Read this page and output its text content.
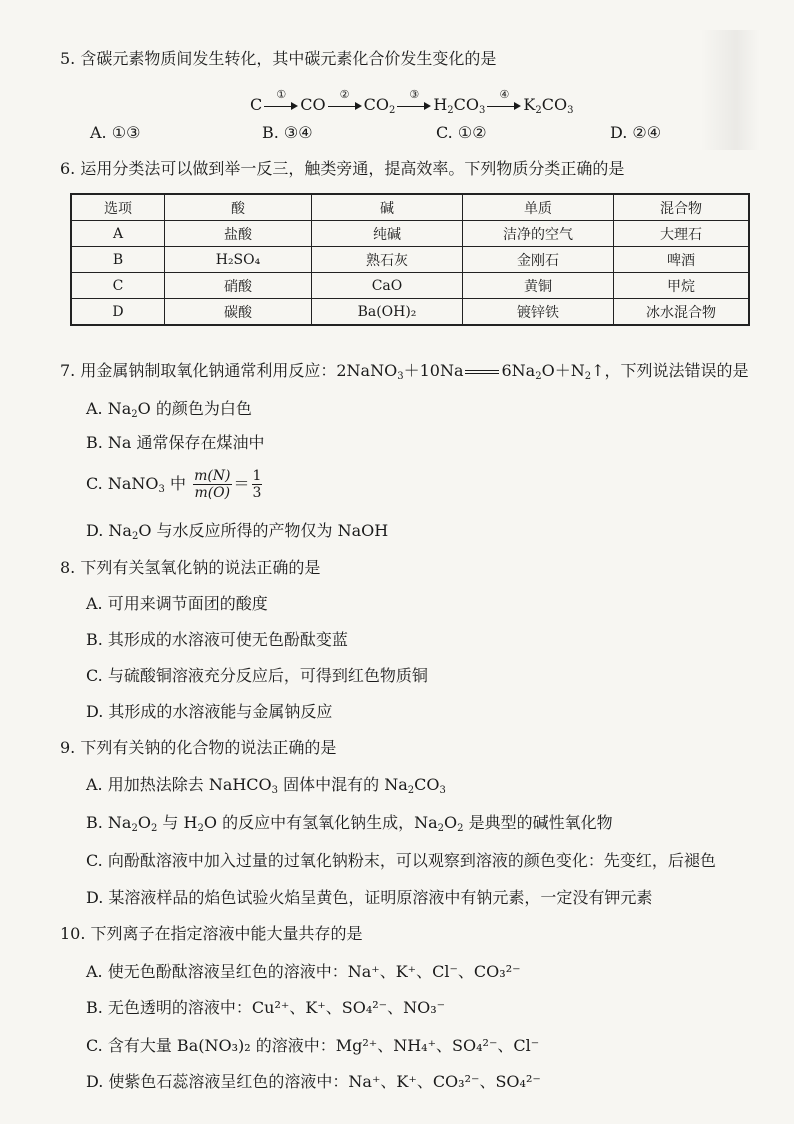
5. 含碳元素物质间发生转化，其中碳元素化合价发生变化的是
C
①
CO
②
$CO_2$
③
$H_2CO_3$
④
$K_2CO_3$
A. ①③	B. ③④	C. ①②	D. ②④
6. 运用分类法可以做到举一反三，触类旁通，提高效率。下列物质分类正确的是
选项	酸	碱	单质	混合物
A	盐酸	纯碱	洁净的空气	大理石
B	H₂SO₄	熟石灰	金刚石	啤酒
C	硝酸	CaO	黄铜	甲烷
D	碳酸	Ba(OH)₂	镀锌铁	冰水混合物
7. 用金属钠制取氧化钠通常利用反应：2NaNO$_3$＋10Na $6Na_2O+N_2↑$，下列说法错误的是
A. $Na_2O$ 的颜色为白色
B. Na 通常保存在煤油中
C. NaNO$_3$ 中 $\frac{m(N)}{m(O)} = \frac{1}{3}$
D. $Na_2O$ 与水反应所得的产物仅为 NaOH
8. 下列有关氢氧化钠的说法正确的是
A. 可用来调节面团的酸度
B. 其形成的水溶液可使无色酚酞变蓝
C. 与硫酸铜溶液充分反应后，可得到红色物质铜
D. 其形成的水溶液能与金属钠反应
9. 下列有关钠的化合物的说法正确的是
A. 用加热法除去 NaHCO$_3$ 固体中混有的 $Na_2CO_3$
B. $Na_2O_2$ 与 $H_2O$ 的反应中有氢氧化钠生成，$Na_2O_2$ 是典型的碱性氧化物
C. 向酚酞溶液中加入过量的过氧化钠粉末，可以观察到溶液的颜色变化：先变红，后褪色
D. 某溶液样品的焰色试验火焰呈黄色，证明原溶液中有钠元素，一定没有钾元素
10. 下列离子在指定溶液中能大量共存的是
A. 使无色酚酞溶液呈红色的溶液中：Na⁺、K⁺、Cl⁻、CO₃²⁻
B. 无色透明的溶液中：Cu²⁺、K⁺、SO₄²⁻、NO₃⁻
C. 含有大量 Ba(NO₃)₂ 的溶液中：Mg²⁺、NH₄⁺、SO₄²⁻、Cl⁻
D. 使紫色石蕊溶液呈红色的溶液中：Na⁺、K⁺、CO₃²⁻、SO₄²⁻
